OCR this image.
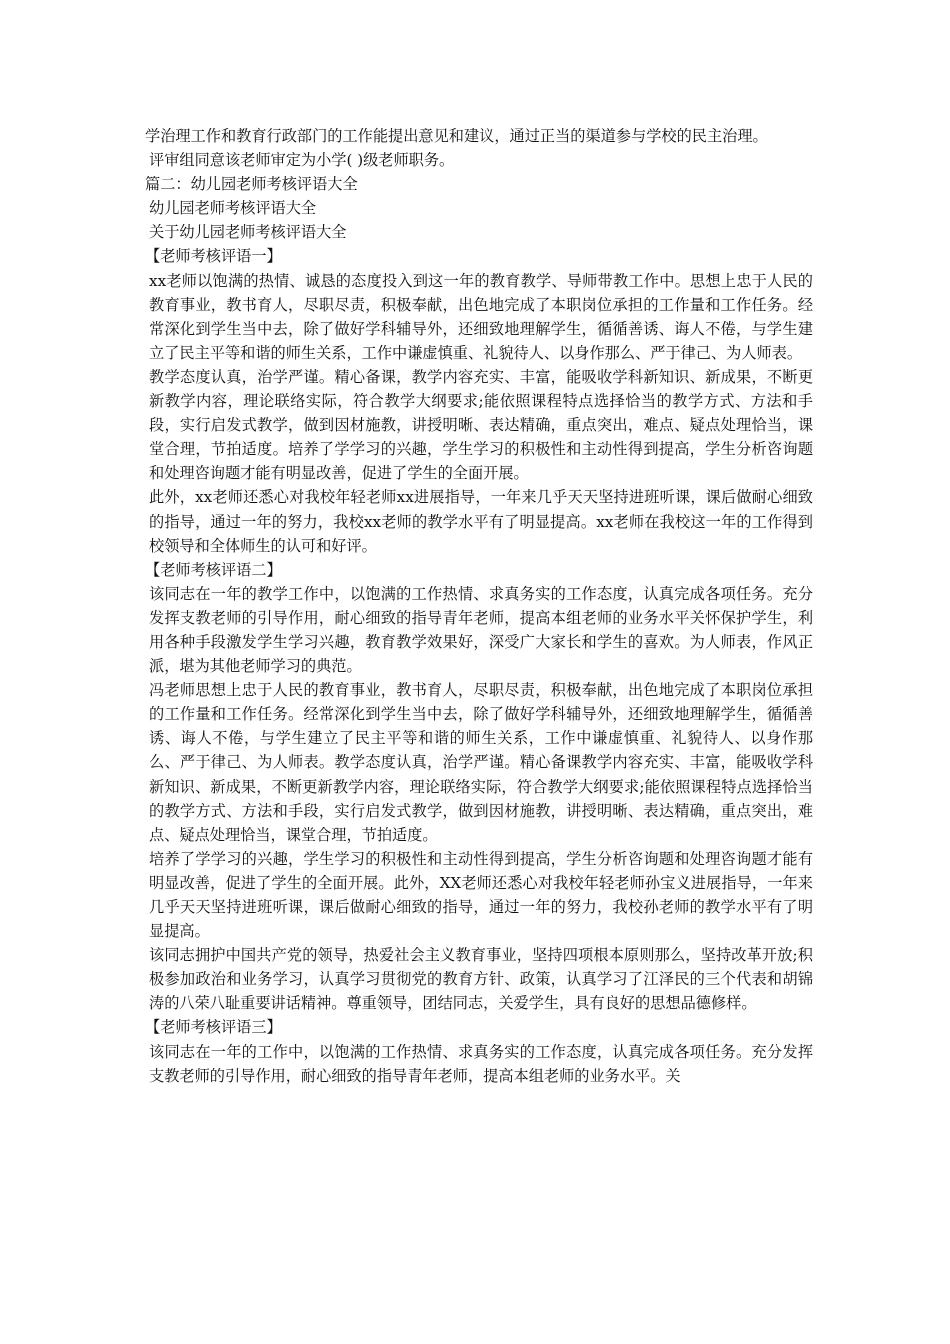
学治理工作和教育行政部门的工作能提出意见和建议，通过正当的渠道参与学校的民主治理。

评审组同意该老师审定为小学( )级老师职务。

篇二：幼儿园老师考核评语大全

幼儿园老师考核评语大全

关于幼儿园老师考核评语大全

【老师考核评语一】

xx老师以饱满的热情、诚恳的态度投入到这一年的教育教学、导师带教工作中。思想上忠于人民的教育事业，教书育人，尽职尽责，积极奉献，出色地完成了本职岗位承担的工作量和工作任务。经常深化到学生当中去，除了做好学科辅导外，还细致地理解学生，循循善诱、诲人不倦，与学生建立了民主平等和谐的师生关系，工作中谦虚慎重、礼貌待人、以身作那么、严于律己、为人师表。

教学态度认真，治学严谨。精心备课，教学内容充实、丰富，能吸收学科新知识、新成果，不断更新教学内容，理论联络实际，符合教学大纲要求;能依照课程特点选择恰当的教学方式、方法和手段，实行启发式教学，做到因材施教，讲授明晰、表达精确，重点突出，难点、疑点处理恰当，课堂合理，节拍适度。培养了学学习的兴趣，学生学习的积极性和主动性得到提高，学生分析咨询题和处理咨询题才能有明显改善，促进了学生的全面开展。

此外，xx老师还悉心对我校年轻老师xx进展指导，一年来几乎天天坚持进班听课，课后做耐心细致的指导，通过一年的努力，我校xx老师的教学水平有了明显提高。xx老师在我校这一年的工作得到校领导和全体师生的认可和好评。

【老师考核评语二】

该同志在一年的教学工作中，以饱满的工作热情、求真务实的工作态度，认真完成各项任务。充分发挥支教老师的引导作用，耐心细致的指导青年老师，提高本组老师的业务水平关怀保护学生，利用各种手段激发学生学习兴趣，教育教学效果好，深受广大家长和学生的喜欢。为人师表，作风正派，堪为其他老师学习的典范。

冯老师思想上忠于人民的教育事业，教书育人，尽职尽责，积极奉献，出色地完成了本职岗位承担的工作量和工作任务。经常深化到学生当中去，除了做好学科辅导外，还细致地理解学生，循循善诱、诲人不倦，与学生建立了民主平等和谐的师生关系，工作中谦虚慎重、礼貌待人、以身作那么、严于律己、为人师表。教学态度认真，治学严谨。精心备课教学内容充实、丰富，能吸收学科新知识、新成果，不断更新教学内容，理论联络实际，符合教学大纲要求;能依照课程特点选择恰当的教学方式、方法和手段，实行启发式教学，做到因材施教，讲授明晰、表达精确，重点突出，难点、疑点处理恰当，课堂合理，节拍适度。

培养了学学习的兴趣，学生学习的积极性和主动性得到提高，学生分析咨询题和处理咨询题才能有明显改善，促进了学生的全面开展。此外，XX老师还悉心对我校年轻老师孙宝义进展指导，一年来几乎天天坚持进班听课，课后做耐心细致的指导，通过一年的努力，我校孙老师的教学水平有了明显提高。

该同志拥护中国共产党的领导，热爱社会主义教育事业，坚持四项根本原则那么，坚持改革开放;积极参加政治和业务学习，认真学习贯彻党的教育方针、政策，认真学习了江泽民的三个代表和胡锦涛的八荣八耻重要讲话精神。尊重领导，团结同志，关爱学生，具有良好的思想品德修样。

【老师考核评语三】

该同志在一年的工作中，以饱满的工作热情、求真务实的工作态度，认真完成各项任务。充分发挥支教老师的引导作用，耐心细致的指导青年老师，提高本组老师的业务水平。关
